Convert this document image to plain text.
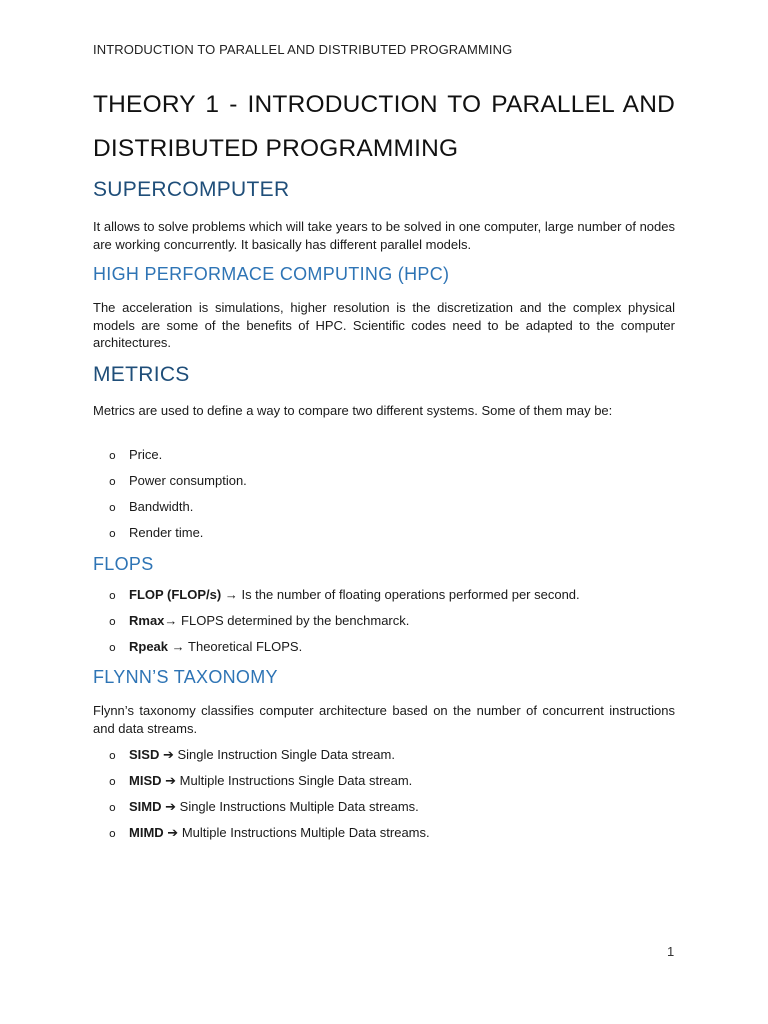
INTRODUCTION TO PARALLEL AND DISTRIBUTED PROGRAMMING
THEORY 1 - INTRODUCTION TO PARALLEL AND DISTRIBUTED PROGRAMMING
SUPERCOMPUTER
It allows to solve problems which will take years to be solved in one computer, large number of nodes are working concurrently. It basically has different parallel models.
HIGH PERFORMACE COMPUTING (HPC)
The acceleration is simulations, higher resolution is the discretization and the complex physical models are some of the benefits of HPC. Scientific codes need to be adapted to the computer architectures.
METRICS
Metrics are used to define a way to compare two different systems. Some of them may be:
o Price.
o Power consumption.
o Bandwidth.
o Render time.
FLOPS
o FLOP (FLOP/s) → Is the number of floating operations performed per second.
o Rmax→ FLOPS determined by the benchmarck.
o Rpeak → Theoretical FLOPS.
FLYNN’S TAXONOMY
Flynn’s taxonomy classifies computer architecture based on the number of concurrent instructions and data streams.
o SISD ➔ Single Instruction Single Data stream.
o MISD ➔ Multiple Instructions Single Data stream.
o SIMD ➔ Single Instructions Multiple Data streams.
o MIMD ➔ Multiple Instructions Multiple Data streams.
1
